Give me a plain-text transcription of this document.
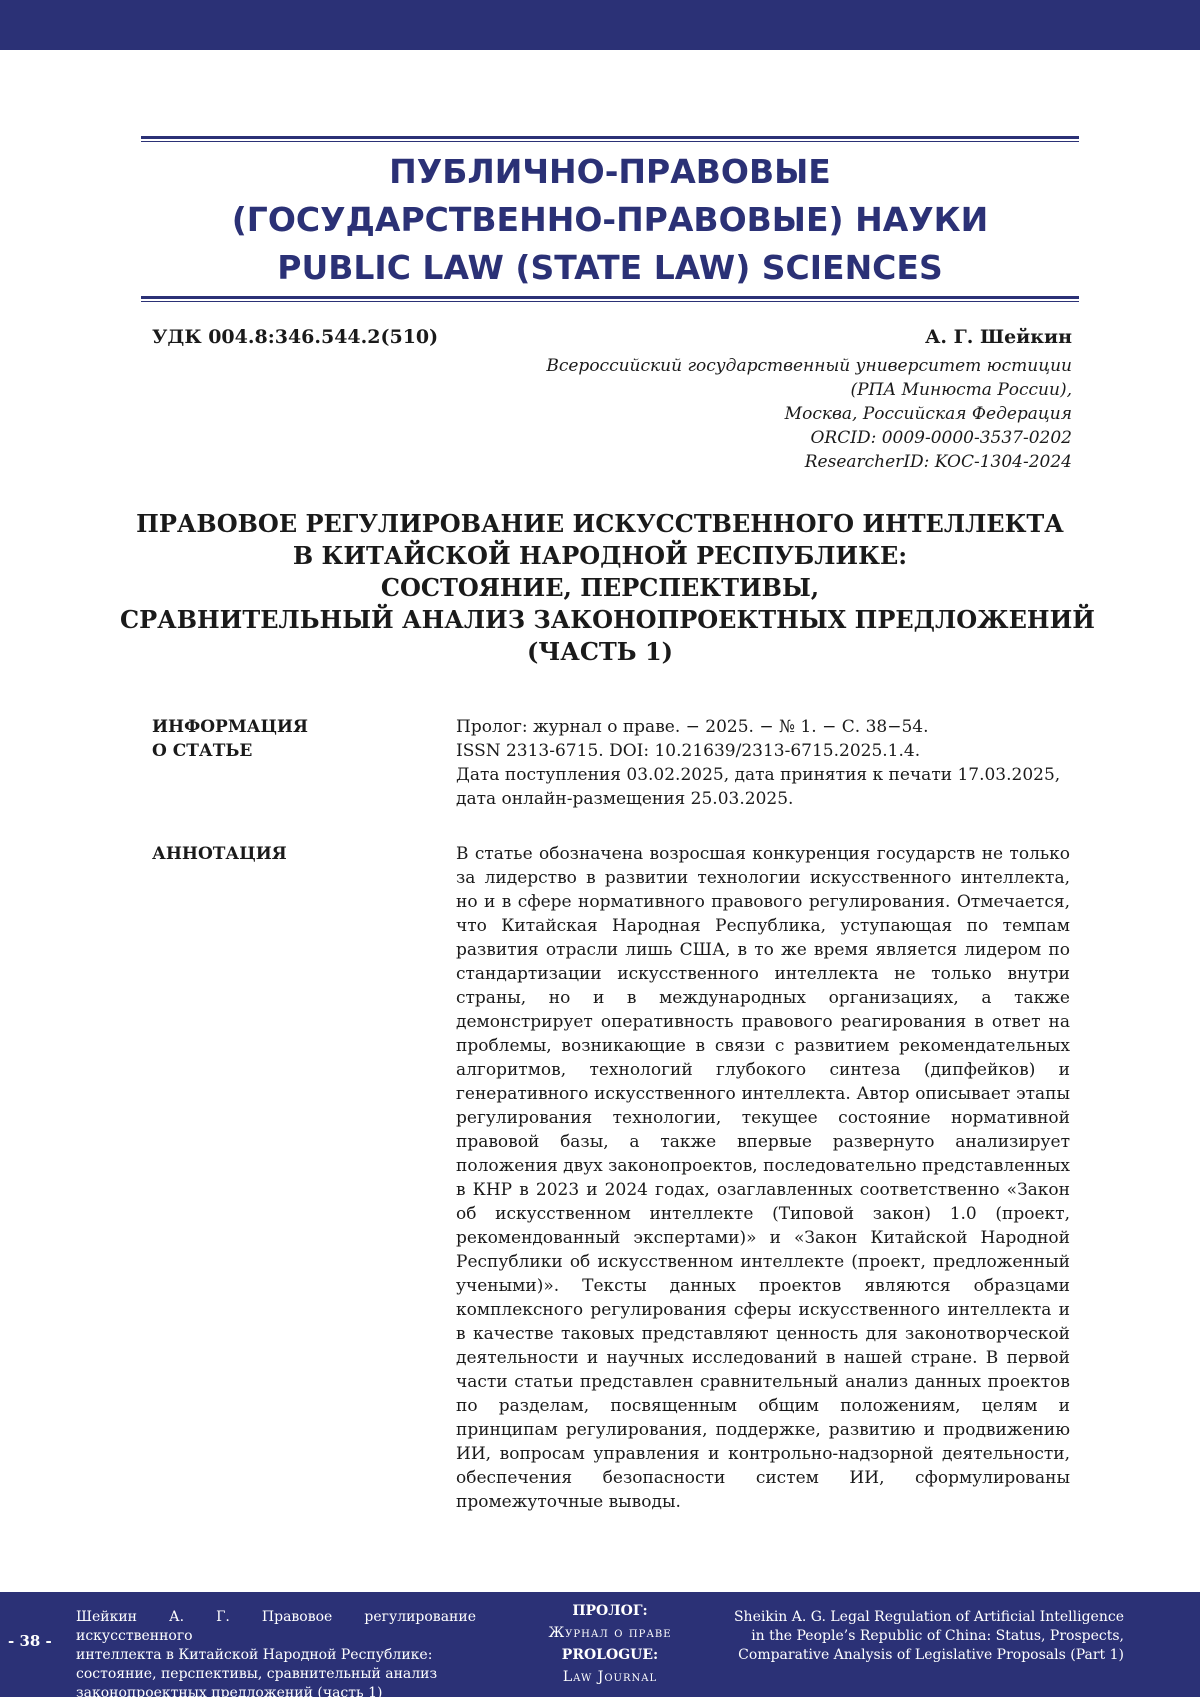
ПУБЛИЧНО-ПРАВОВЫЕ
(ГОСУДАРСТВЕННО-ПРАВОВЫЕ) НАУКИ
PUBLIC LAW (STATE LAW) SCIENCES
УДК 004.8:346.544.2(510)	А. Г. Шейкин
Всероссийский государственный университет юстиции
(РПА Минюста России),
Москва, Российская Федерация
ORCID: 0009-0000-3537-0202
ResearcherID: KOC-1304-2024
ПРАВОВОЕ РЕГУЛИРОВАНИЕ ИСКУССТВЕННОГО ИНТЕЛЛЕКТА
В КИТАЙСКОЙ НАРОДНОЙ РЕСПУБЛИКЕ:
СОСТОЯНИЕ, ПЕРСПЕКТИВЫ,
СРАВНИТЕЛЬНЫЙ АНАЛИЗ ЗАКОНОПРОЕКТНЫХ ПРЕДЛОЖЕНИЙ
(ЧАСТЬ 1)
ИНФОРМАЦИЯ
О СТАТЬЕ
Пролог: журнал о праве. − 2025. − № 1. − С. 38−54.
ISSN 2313-6715. DOI: 10.21639/2313-6715.2025.1.4.
Дата поступления 03.02.2025, дата принятия к печати 17.03.2025,
дата онлайн-размещения 25.03.2025.
АННОТАЦИЯ	В статье обозначена возросшая конкуренция государств не только за лидерство в развитии технологии искусственного интеллекта, но и в сфере нормативного правового регулирования. Отмечается, что Китайская Народная Республика, уступающая по темпам развития отрасли лишь США, в то же время является лидером по стандартизации искусственного интеллекта не только внутри страны, но и в международных организациях, а также демонстрирует оперативность правового реагирования в ответ на проблемы, возникающие в связи с развитием рекомендательных алгоритмов, технологий глубокого синтеза (дипфейков) и генеративного искусственного интеллекта. Автор описывает этапы регулирования технологии, текущее состояние нормативной правовой базы, а также впервые развернуто анализирует положения двух законопроектов, последовательно представленных в КНР в 2023 и 2024 годах, озаглавленных соответственно «Закон об искусственном интеллекте (Типовой закон) 1.0 (проект, рекомендованный экспертами)» и «Закон Китайской Народной Республики об искусственном интеллекте (проект, предложенный учеными)». Тексты данных проектов являются образцами комплексного регулирования сферы искусственного интеллекта и в качестве таковых представляют ценность для законотворческой деятельности и научных исследований в нашей стране. В первой части статьи представлен сравнительный анализ данных проектов по разделам, посвященным общим положениям, целям и принципам регулирования, поддержке, развитию и продвижению ИИ, вопросам управления и контрольно-надзорной деятельности, обеспечения безопасности систем ИИ, сформулированы промежуточные выводы.
- 38 -
Шейкин А. Г. Правовое регулирование искусственного
интеллекта в Китайской Народной Республике:
состояние, перспективы, сравнительный анализ
законопроектных предложений (часть 1)
ПРОЛОГ:
Журнал о праве
PROLOGUE:
Law Journal
Sheikin A. G. Legal Regulation of Artificial Intelligence
in the People’s Republic of China: Status, Prospects,
Comparative Analysis of Legislative Proposals (Part 1)
